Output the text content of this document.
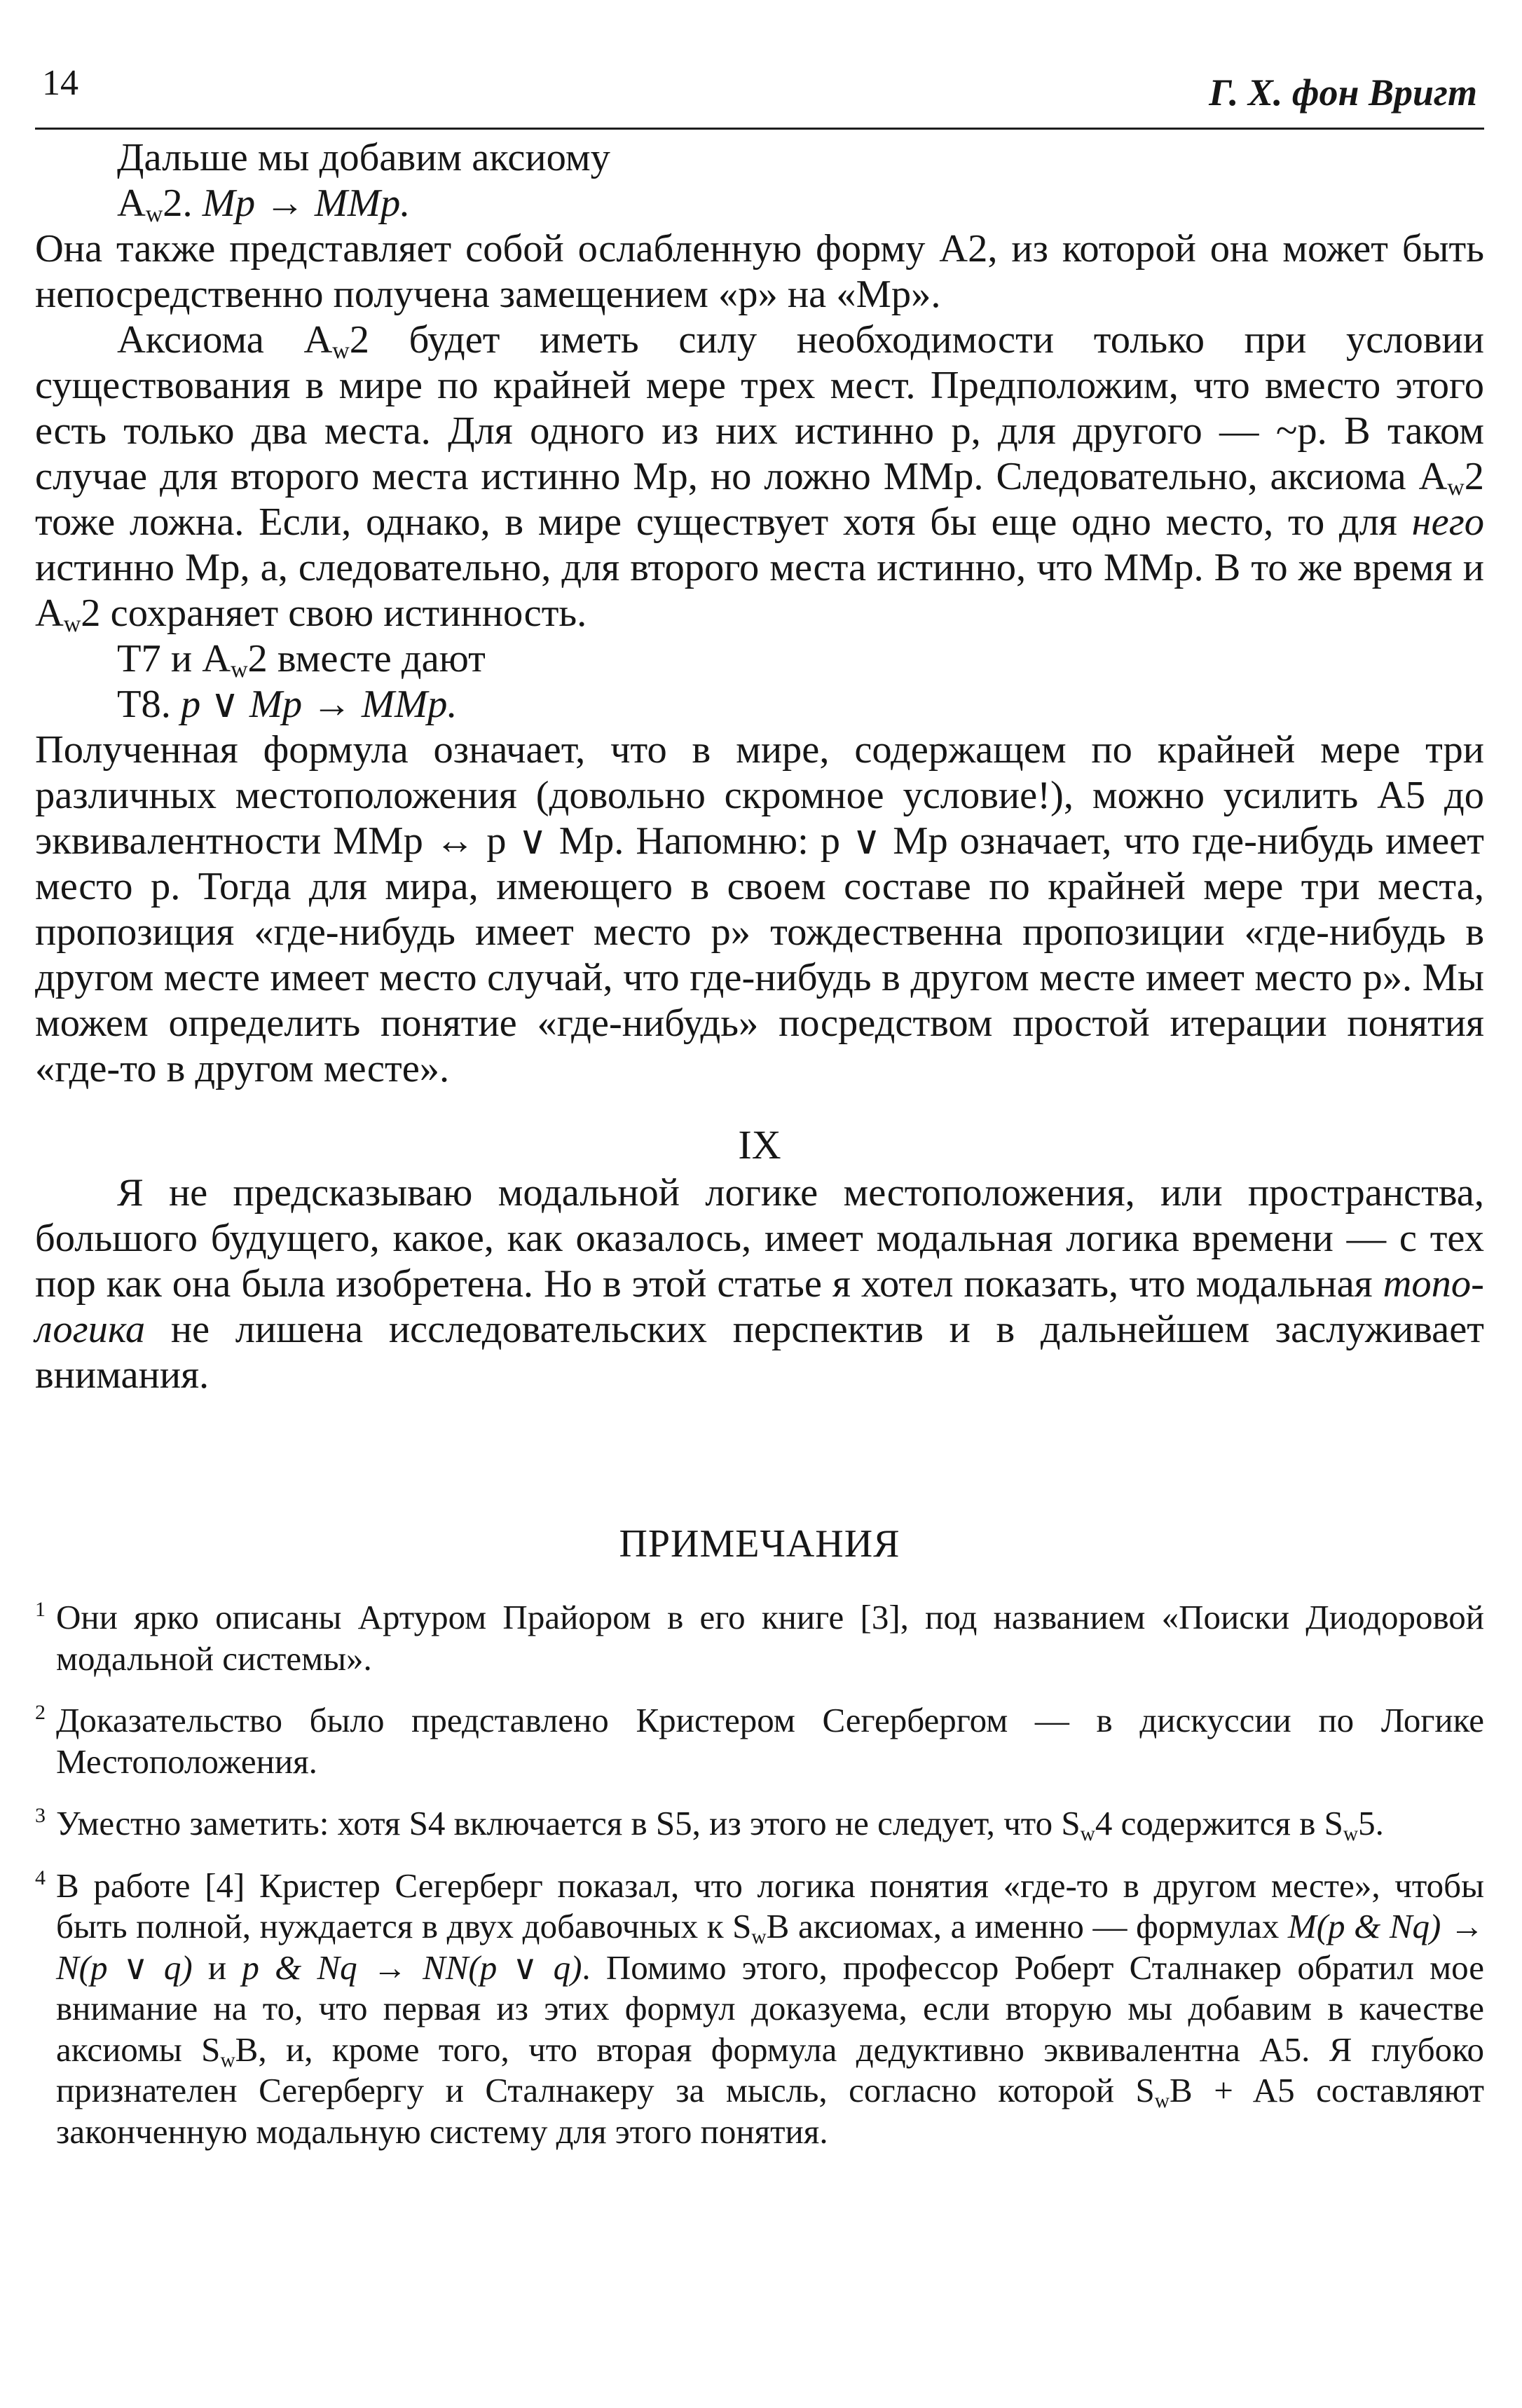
14	Г. Х. фон Вригт

Дальше мы добавим аксиому

$A_w2$. Mp → MMp.

Она также представляет собой ослабленную форму A2, из которой она может быть непосредственно получена замещением «p» на «Mp».

Аксиома $A_w2$ будет иметь силу необходимости только при условии существования в мире по крайней мере трех мест. Предположим, что вместо этого есть только два места. Для одного из них истинно p, для другого — ~p. В таком случае для второго места истинно Mp, но ложно MMp. Следовательно, аксиома $A_w2$ тоже ложна. Если, однако, в мире существует хотя бы еще одно место, то для него истинно Mp, а, следовательно, для второго места истинно, что MMp. В то же время и $A_w2$ сохраняет свою истинность.

T7 и $A_w2$ вместе дают

T8. p ∨ Mp → MMp.

Полученная формула означает, что в мире, содержащем по крайней мере три различных местоположения (довольно скромное условие!), можно усилить A5 до эквивалентности MMp ↔ p ∨ Mp. Напомню: p ∨ Mp означает, что где-нибудь имеет место p. Тогда для мира, имеющего в своем составе по крайней мере три места, пропозиция «где-нибудь имеет место p» тождественна пропозиции «где-нибудь в другом месте имеет место случай, что где-нибудь в другом месте имеет место p». Мы можем определить понятие «где-нибудь» посредством простой итерации понятия «где-то в другом месте».

IX

Я не предсказываю модальной логике местоположения, или пространства, большого будущего, какое, как оказалось, имеет модальная логика времени — с тех пор как она была изобретена. Но в этой статье я хотел показать, что модальная топо-логика не лишена исследовательских перспектив и в дальнейшем заслуживает внимания.

ПРИМЕЧАНИЯ

1 Они ярко описаны Артуром Прайором в его книге [3], под названием «Поиски Диодоровой модальной системы».

2 Доказательство было представлено Кристером Сегербергом — в дискуссии по Логике Местоположения.

3 Уместно заметить: хотя S4 включается в S5, из этого не следует, что $S_w4$ содержится в $S_w5$.

4 В работе [4] Кристер Сегерберг показал, что логика понятия «где-то в другом месте», чтобы быть полной, нуждается в двух добавочных к $S_wB$ аксиомах, а именно — формулах M(p & Nq) → N(p ∨ q) и p & Nq → NN(p ∨ q). Помимо этого, профессор Роберт Сталнакер обратил мое внимание на то, что первая из этих формул доказуема, если вторую мы добавим в качестве аксиомы $S_wB$, и, кроме того, что вторая формула дедуктивно эквивалентна A5. Я глубоко признателен Сегербергу и Сталнакеру за мысль, согласно которой $S_wB + A5$ составляют законченную модальную систему для этого понятия.
